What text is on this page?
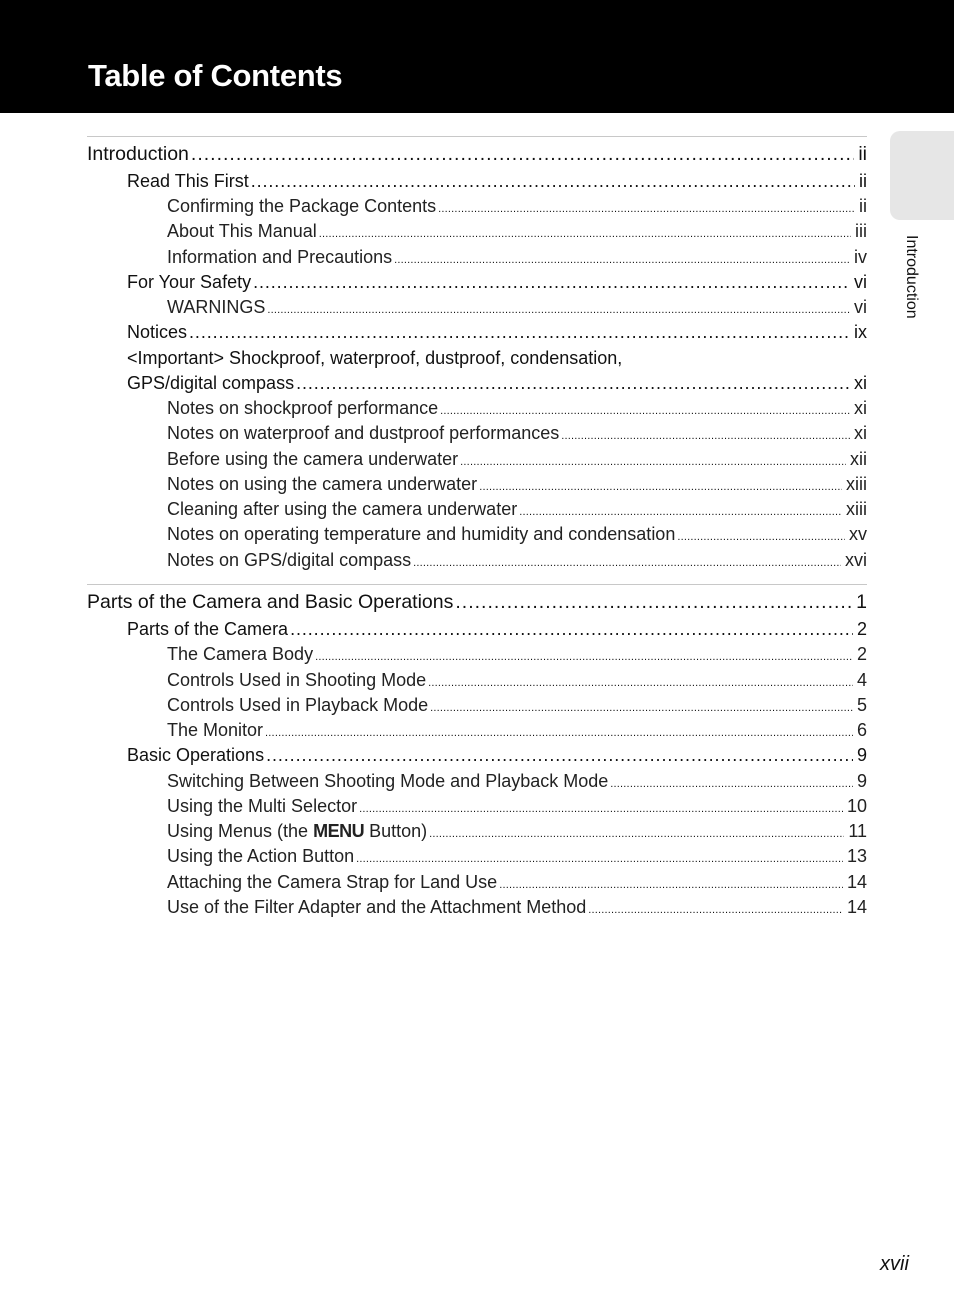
Table of Contents
Introduction
Introduction .....	ii
Read This First .....	ii
Confirming the Package Contents .....	ii
About This Manual .....	iii
Information and Precautions .....	iv
For Your Safety .....	vi
WARNINGS .....	vi
Notices .....	ix
<Important> Shockproof, waterproof, dustproof, condensation,
GPS/digital compass .....	xi
Notes on shockproof performance .....	xi
Notes on waterproof and dustproof performances .....	xi
Before using the camera underwater .....	xii
Notes on using the camera underwater .....	xiii
Cleaning after using the camera underwater .....	xiii
Notes on operating temperature and humidity and condensation .....	xv
Notes on GPS/digital compass .....	xvi
Parts of the Camera and Basic Operations .....	1
Parts of the Camera .....	2
The Camera Body .....	2
Controls Used in Shooting Mode .....	4
Controls Used in Playback Mode .....	5
The Monitor .....	6
Basic Operations .....	9
Switching Between Shooting Mode and Playback Mode .....	9
Using the Multi Selector .....	10
Using Menus (the MENU Button) .....	11
Using the Action Button .....	13
Attaching the Camera Strap for Land Use .....	14
Use of the Filter Adapter and the Attachment Method .....	14
xvii
